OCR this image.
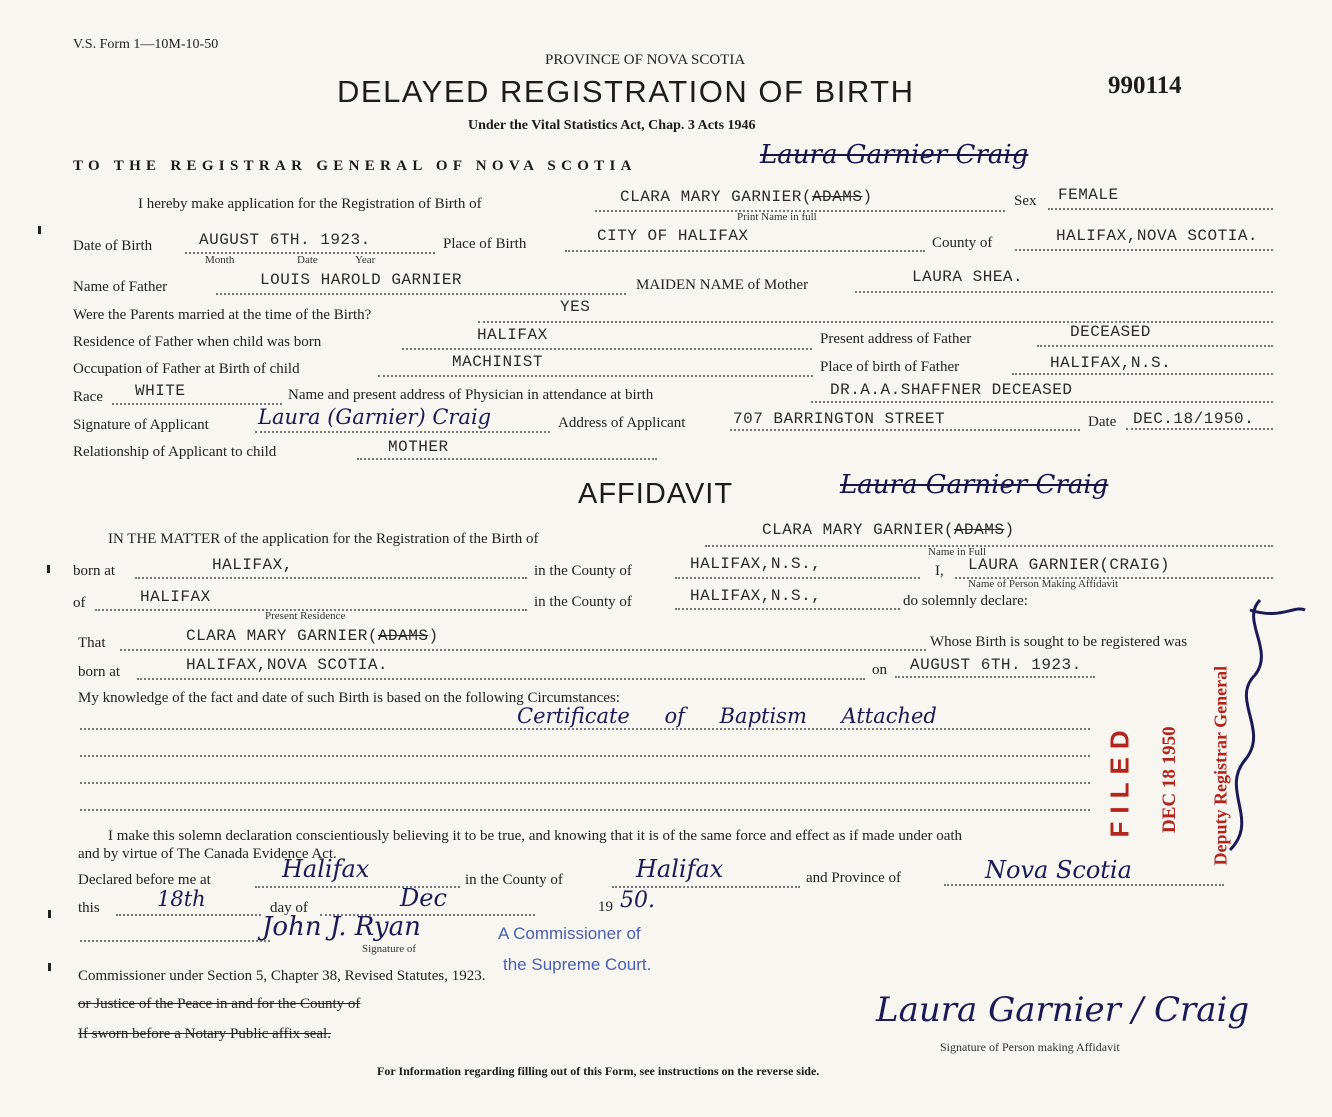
V.S. Form 1—10M-10-50
PROVINCE OF NOVA SCOTIA
DELAYED REGISTRATION OF BIRTH	990114
Under the Vital Statistics Act, Chap. 3 Acts 1946
TO THE REGISTRAR GENERAL OF NOVA SCOTIA	Laura Garnier Craig
I hereby make application for the Registration of Birth of	CLARA MARY GARNIER(ADAMS)
Print Name in full
Sex FEMALE
Date of Birth	AUGUST 6TH. 1923.
Month	Date	Year
Place of Birth	CITY OF HALIFAX	County of	HALIFAX,NOVA SCOTIA.
Name of Father	LOUIS HAROLD GARNIER	MAIDEN NAME of Mother	LAURA SHEA.
Were the Parents married at the time of the Birth?	YES
Residence of Father when child was born	HALIFAX	Present address of Father	DECEASED
Occupation of Father at Birth of child	MACHINIST	Place of birth of Father	HALIFAX,N.S.
Race WHITE	Name and present address of Physician in attendance at birth	DR.A.A.SHAFFNER DECEASED
Signature of Applicant Laura (Garnier) Craig	Address of Applicant	707 BARRINGTON STREET	Date DEC.18/1950.
Relationship of Applicant to child	MOTHER
AFFIDAVIT	Laura Garnier Craig
IN THE MATTER of the application for the Registration of the Birth of	CLARA MARY GARNIER(ADAMS)
Name in Full
born at	HALIFAX,	in the County of	HALIFAX,N.S.,	I, LAURA GARNIER(CRAIG)
Name of Person Making Affidavit
of	HALIFAX
Present Residence
in the County of	HALIFAX,N.S.,	do solemnly declare:
That	CLARA MARY GARNIER(ADAMS)	Whose Birth is sought to be registered was
born at	HALIFAX,NOVA SCOTIA.	on AUGUST 6TH. 1923.
My knowledge of the fact and date of such Birth is based on the following Circumstances:
Certificate of Baptism Attached
I make this solemn declaration conscientiously believing it to be true, and knowing that it is of the same force and effect as if made under oath
and by virtue of The Canada Evidence Act.
Declared before me at	Halifax	in the County of	Halifax	and Province of	Nova Scotia
this	18th	day of	Dec	19 50.
John J. Ryan
Signature of
A Commissioner of
the Supreme Court.
Commissioner under Section 5, Chapter 38, Revised Statutes, 1923.
or Justice of the Peace in and for the County of
If sworn before a Notary Public affix seal.
Laura Garnier / Craig
Signature of Person making Affidavit
For Information regarding filling out of this Form, see instructions on the reverse side.
FILED DEC 18 1950 Deputy Registrar General
